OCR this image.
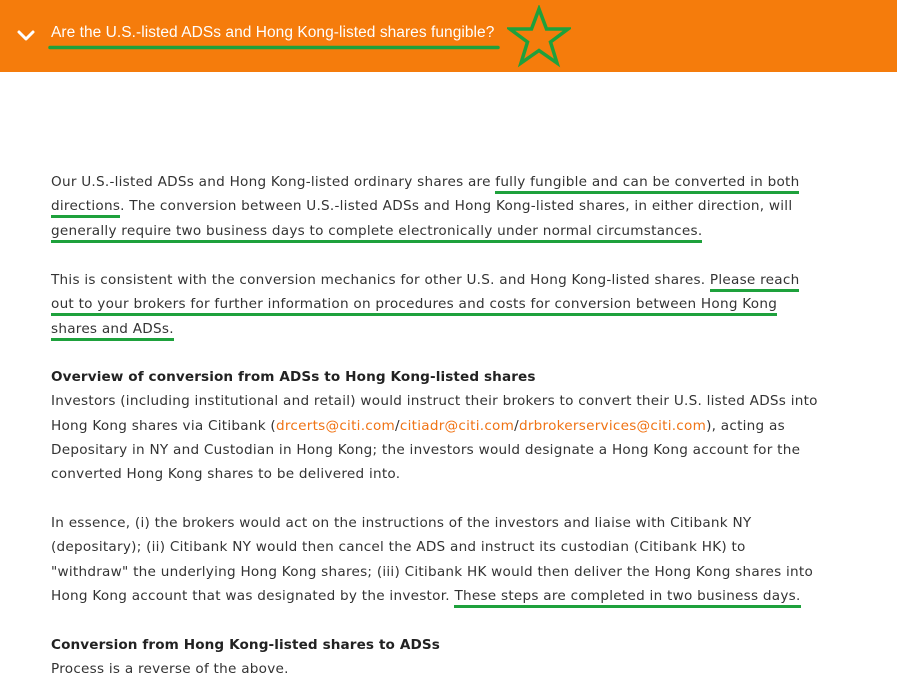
Are the U.S.-listed ADSs and Hong Kong-listed shares fungible?

Our U.S.-listed ADSs and Hong Kong-listed ordinary shares are fully fungible and can be converted in both
directions. The conversion between U.S.-listed ADSs and Hong Kong-listed shares, in either direction, will
generally require two business days to complete electronically under normal circumstances.

This is consistent with the conversion mechanics for other U.S. and Hong Kong-listed shares. Please reach
out to your brokers for further information on procedures and costs for conversion between Hong Kong
shares and ADSs.

Overview of conversion from ADSs to Hong Kong-listed shares
Investors (including institutional and retail) would instruct their brokers to convert their U.S. listed ADSs into
Hong Kong shares via Citibank (drcerts@citi.com/citiadr@citi.com/drbrokerservices@citi.com), acting as
Depositary in NY and Custodian in Hong Kong; the investors would designate a Hong Kong account for the
converted Hong Kong shares to be delivered into.

In essence, (i) the brokers would act on the instructions of the investors and liaise with Citibank NY
(depositary); (ii) Citibank NY would then cancel the ADS and instruct its custodian (Citibank HK) to
"withdraw" the underlying Hong Kong shares; (iii) Citibank HK would then deliver the Hong Kong shares into
Hong Kong account that was designated by the investor. These steps are completed in two business days.

Conversion from Hong Kong-listed shares to ADSs
Process is a reverse of the above.
